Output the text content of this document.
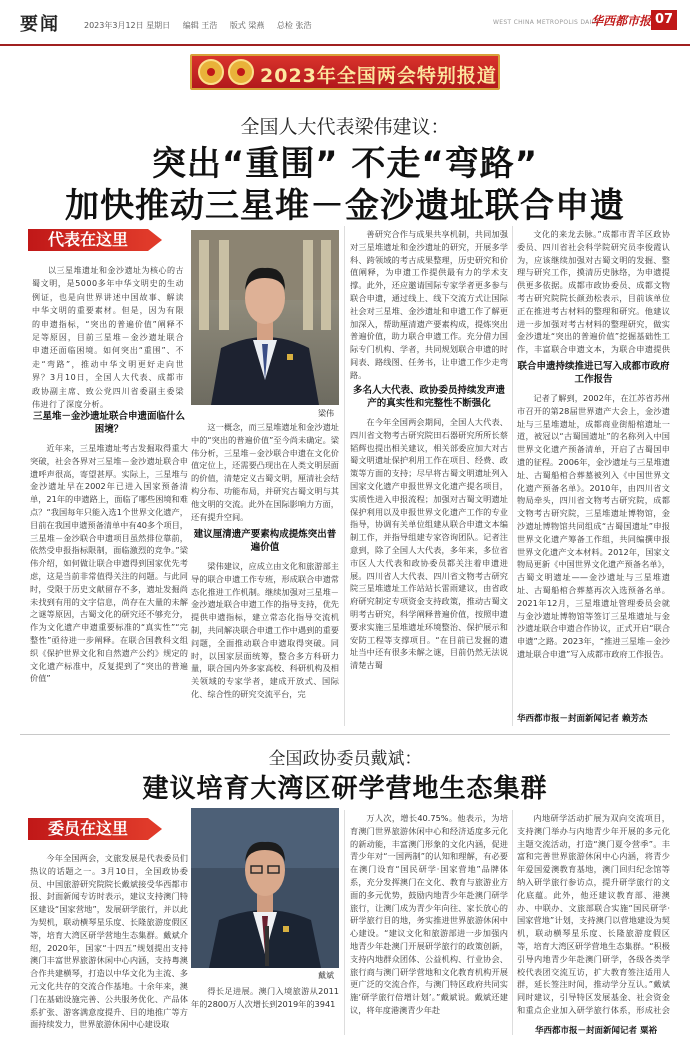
要闻	2023年3月12日 星期日 编辑 王浩 版式 梁燕 总检 张浩	WEST CHINA METROPOLIS DAILY
华西都市报 07
2023年全国两会特别报道
全国人大代表梁伟建议：
突出“重围” 不走“弯路”
加快推动三星堆－金沙遗址联合申遗
代表在这里
以三星堆遗址和金沙遗址为核心的古蜀文明，是5000多年中华文明史的生动例证，也是向世界讲述中国故事、解读中华文明的重要素材。但是，因为有限的申遗指标，“突出的普遍价值”阐释不足等原因，目前三星堆－金沙遗址联合申遗还面临困境。如何突出“重围”、不走“弯路”，推动中华文明更好走向世界？3月10日，全国人大代表、成都市政协副主席、致公党四川省委副主委梁伟进行了深度分析。
三星堆－金沙遗址联合申遗面临什么困境？
近年来，三星堆遗址考古发掘取得重大突破，社会各界对三星堆－金沙遗址联合申遗呼声很高，寄望甚厚。实际上，三星堆与金沙遗址早在2002年已进入国家预备清单，21年的申遗路上，面临了哪些困境和难点？“我国每年只能入选1个世界文化遗产，目前在我国申遗预备清单中有40多个项目，三星堆－金沙联合申遗项目虽然排位靠前，依然受申报指标限制，面临激烈的竞争。”梁伟介绍，如何做让联合申遗得到国家优先考虑，这是当前非常值得关注的问题。与此同时，受限于历史文献留存不多，遗址发掘尚未找到有用的文字信息，尚存在大量的未解之谜等原因，古蜀文化的研究还不够充分，作为文化遗产申遗重要标准的“真实性”“完整性”亟待进一步阐释。在联合国教科文组织《保护世界文化和自然遗产公约》规定的文化遗产标准中，反复提到了“突出的普遍价值”
梁伟
这一概念，而三星堆遗址和金沙遗址中的“突出的普遍价值”至今尚未确定。梁伟分析，三星堆－金沙联合申遗在文化价值定位上，还需要凸现出在人类文明层面的价值，清楚定义古蜀文明，厘清社会结构分布、功能布局，并研究古蜀文明与其他文明的交流。此外在国际影响力方面，还有提升空间。
建议厘清遗产要素构成提炼突出普遍价值
梁伟建议，应成立由文化和旅游部主导的联合申遗工作专班，形成联合申遗常态化推进工作机制。继续加强对三星堆－金沙遗址联合申遗工作的指导支持，优先提供申遗指标，建立常态化指导交流机制，共同解决联合申遗工作中遇到的重要问题，全面推动联合申遗取得突破。同时，以国家层面统筹，整合多方科研力量，联合国内外多家高校、科研机构及相关领域的专家学者，建成开放式、国际化、综合性的研究交流平台，完
善研究合作与成果共享机制，共同加强对三星堆遗址和金沙遗址的研究，开展多学科、跨领域的考古成果整理，历史研究和价值阐释，为申遗工作提供最有力的学术支撑。此外，还应邀请国际专家学者更多参与联合申遗，通过线上、线下交流方式让国际社会对三星堆、金沙遗址和申遗工作了解更加深入，帮助厘清遗产要素构成，提炼突出普遍价值，助力联合申遗工作。充分借力国际专门机构、学者，共同规划联合申遗的时间表、路线图、任务书，让申遗工作少走弯路。
多名人大代表、政协委员持续发声遗产的真实性和完整性不断强化
在今年全国两会期间，全国人大代表、四川省文物考古研究院田石器研究所所长蔡韬辉也提出相关建议，相关部委应加大对古蜀文明遗址保护利用工作在项目、经费、政策等方面的支持；尽早将古蜀文明遗址列入国家文化遗产申报世界文化遗产提名项目，实质性进入申报流程；加强对古蜀文明遗址保护利用以及申报世界文化遗产工作的专业指导，协调有关单位组建从联合申遗文本编制工作，并指导组建专家咨询团队。记者注意到，除了全国人大代表，多年来，多位省市区人大代表和政协委员都关注着申遗进展。四川省人大代表、四川省文物考古研究院三星堆遗址工作站站长雷雨建议，由省政府研究制定专项资金支持政策，推动古蜀文明考古研究，科学阐释普遍价值，按照申遗要求实施三星堆遗址环境整治、保护展示和安防工程等支撑项目。“在目前已发掘的遗址当中还有很多未解之谜，目前仍然无法说清楚古蜀
文化的来龙去脉。”成都市青羊区政协委员、四川省社会科学院研究员李俊霞认为，应该继续加强对古蜀文明的发掘、整理与研究工作，摸清历史脉络，为申遗提供更多依据。成都市政协委员、成都文物考古研究院院长颜劲松表示，目前该单位正在推进考古材料的整理和研究。他建议进一步加强对考古材料的整理研究，做实金沙遗址“突出的普遍价值”挖掘基础性工作，丰富联合申遗文本，为联合申遗提供
联合申遗持续推进已写入成都市政府工作报告
记者了解到，2002年，在江苏省苏州市召开的第28届世界遗产大会上，金沙遗址与三星堆遗址，成都商业街船棺遗址一道，被冠以“古蜀国遗址”的名称列入中国世界文化遗产预备清单，开启了古蜀国申遗的征程。2006年，金沙遗址与三星堆遗址、古蜀船棺合葬墓被列入《中国世界文化遗产预备名单》。2010年，由四川省文物局牵头，四川省文物考古研究院，成都文物考古研究院，三星堆遗址博物馆，金沙遗址博物馆共同组成“古蜀国遗址”申报世界文化遗产筹备工作组，共同编撰申报世界文化遗产文本材料。2012年，国家文物局更新《中国世界文化遗产预备名单》，古蜀文明遗址——金沙遗址与三星堆遗址、古蜀船棺合葬墓再次入选预备名单。2021年12月，三星堆遗址管理委员会就与金沙遗址博物馆等签订三星堆遗址与金沙遗址联合申遗合作协议，正式开启“联合申遗”之路。2023年，“推进三星堆－金沙遗址联合申遗”写入成都市政府工作报告。
华西都市报－封面新闻记者 赖芳杰
全国政协委员戴斌：
建议培育大湾区研学营地生态集群
委员在这里
今年全国两会，文旅发展是代表委员们热议的话题之一。3月10日，全国政协委员、中国旅游研究院院长戴斌接受华西都市报、封面新闻专访时表示，建议支持澳门特区建设“国家营地”，发展研学旅行，并以此为契机，联动横琴星乐度、长隆旅游度假区等，培育大湾区研学营地生态集群。戴斌介绍，2020年，国家“十四五”规划提出支持澳门丰富世界旅游休闲中心内涵，支持粤澳合作共建横琴，打造以中华文化为主流、多元文化共存的交流合作基地。十余年来，澳门在基础设施完善、公共服务优化、产品体系扩张、游客满意度提升、目的地推广等方面持续发力，世界旅游休闲中心建设取
戴斌
得长足进展。澳门入境旅游从2011年的2800万人次增长到2019年的3941
万人次，增长40.75%。他表示，为培育澳门世界旅游休闲中心和经济适度多元化的新动能，丰富澳门形象的文化内涵，促进青少年对“一国两制”的认知和理解，有必要在澳门设育“国民研学·国家营地”品牌体系，充分发挥澳门在文化、教育与旅游业方面的多元优势，鼓励内地青少年赴澳门研学旅行，让澳门成为青少年向往、家长放心的研学旅行目的地，务实推进世界旅游休闲中心建设。“建议文化和旅游部进一步加强内地青少年赴澳门开展研学旅行的政策创新，支持内地群众团体、公益机构、行业协会、旅行商与澳门研学营地和文化教育机构开展更广泛的交流合作，与澳门特区政府共同实施‘研学旅行倍增计划’。”戴斌说。戴斌还建议，将年度港澳青少年赴
内地研学活动扩展为双向交流项目，支持澳门举办与内地青少年开展的多元化主题交流活动，打造“澳门夏令营季”。丰富和完善世界旅游休闲中心内涵，将青少年爱国爱澳教育基地，澳门回归纪念馆等纳入研学旅行参访点，提升研学旅行的文化底蕴。此外，他还建议教育部、港澳办、中联办、文旅部联合实施“国民研学·国家营地”计划，支持澳门以营地建设为契机，联动横琴星乐度、长隆旅游度假区等，培育大湾区研学营地生态集群。“积极引导内地青少年赴澳门研学，各级各类学校代表团交流互访，扩大教育签注适用人群，延长签注时间，推动学分互认。”戴斌同时建议，引导特区发展基金、社会资金和重点企业加入研学旅行体系，形成社会
华西都市报－封面新闻记者 粟裕
